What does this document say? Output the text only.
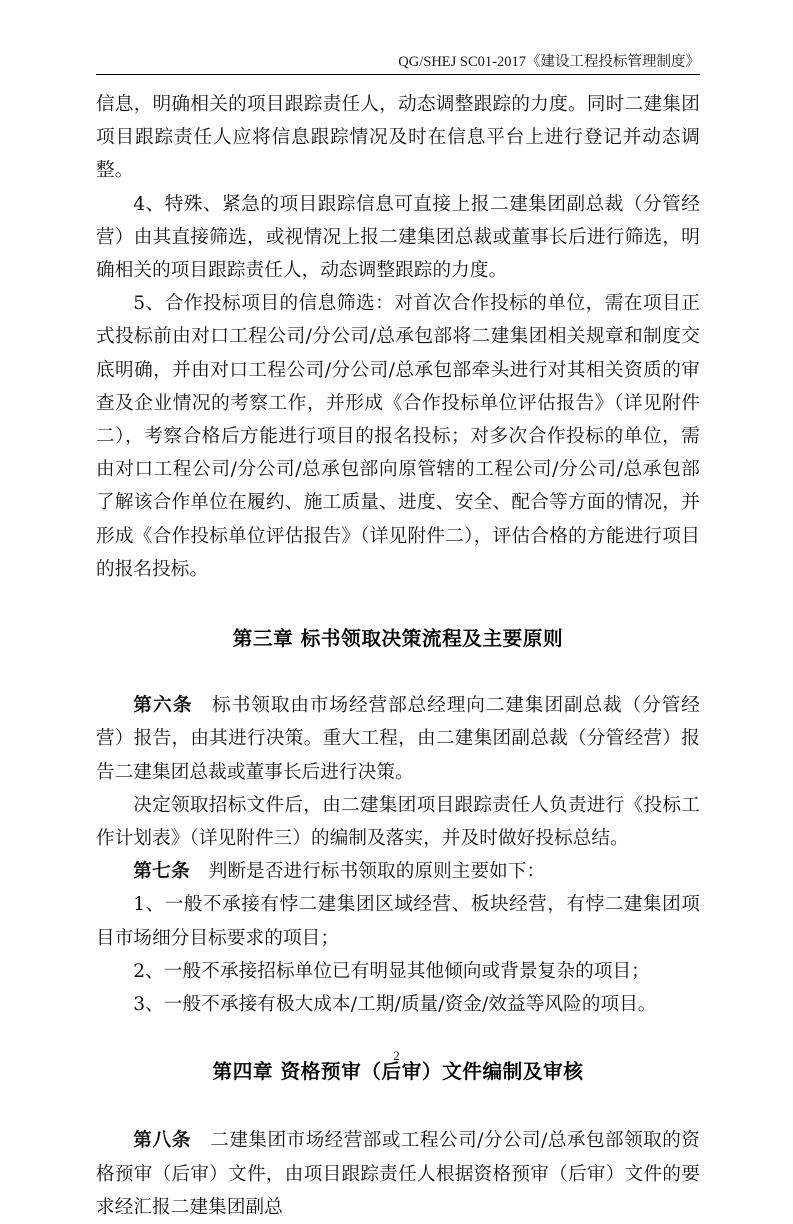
QG/SHEJ SC01-2017《建设工程投标管理制度》

信息，明确相关的项目跟踪责任人，动态调整跟踪的力度。同时二建集团项目跟踪责任人应将信息跟踪情况及时在信息平台上进行登记并动态调整。

4、特殊、紧急的项目跟踪信息可直接上报二建集团副总裁（分管经营）由其直接筛选，或视情况上报二建集团总裁或董事长后进行筛选，明确相关的项目跟踪责任人，动态调整跟踪的力度。

5、合作投标项目的信息筛选：对首次合作投标的单位，需在项目正式投标前由对口工程公司/分公司/总承包部将二建集团相关规章和制度交底明确，并由对口工程公司/分公司/总承包部牵头进行对其相关资质的审查及企业情况的考察工作，并形成《合作投标单位评估报告》（详见附件二），考察合格后方能进行项目的报名投标；对多次合作投标的单位，需由对口工程公司/分公司/总承包部向原管辖的工程公司/分公司/总承包部了解该合作单位在履约、施工质量、进度、安全、配合等方面的情况，并形成《合作投标单位评估报告》（详见附件二），评估合格的方能进行项目的报名投标。

第三章 标书领取决策流程及主要原则

第六条 标书领取由市场经营部总经理向二建集团副总裁（分管经营）报告，由其进行决策。重大工程，由二建集团副总裁（分管经营）报告二建集团总裁或董事长后进行决策。

决定领取招标文件后，由二建集团项目跟踪责任人负责进行《投标工作计划表》（详见附件三）的编制及落实，并及时做好投标总结。

第七条 判断是否进行标书领取的原则主要如下：

1、一般不承接有悖二建集团区域经营、板块经营，有悖二建集团项目市场细分目标要求的项目；

2、一般不承接招标单位已有明显其他倾向或背景复杂的项目；

3、一般不承接有极大成本/工期/质量/资金/效益等风险的项目。

第四章 资格预审（后审）文件编制及审核

第八条 二建集团市场经营部或工程公司/分公司/总承包部领取的资格预审（后审）文件，由项目跟踪责任人根据资格预审（后审）文件的要求经汇报二建集团副总

2
